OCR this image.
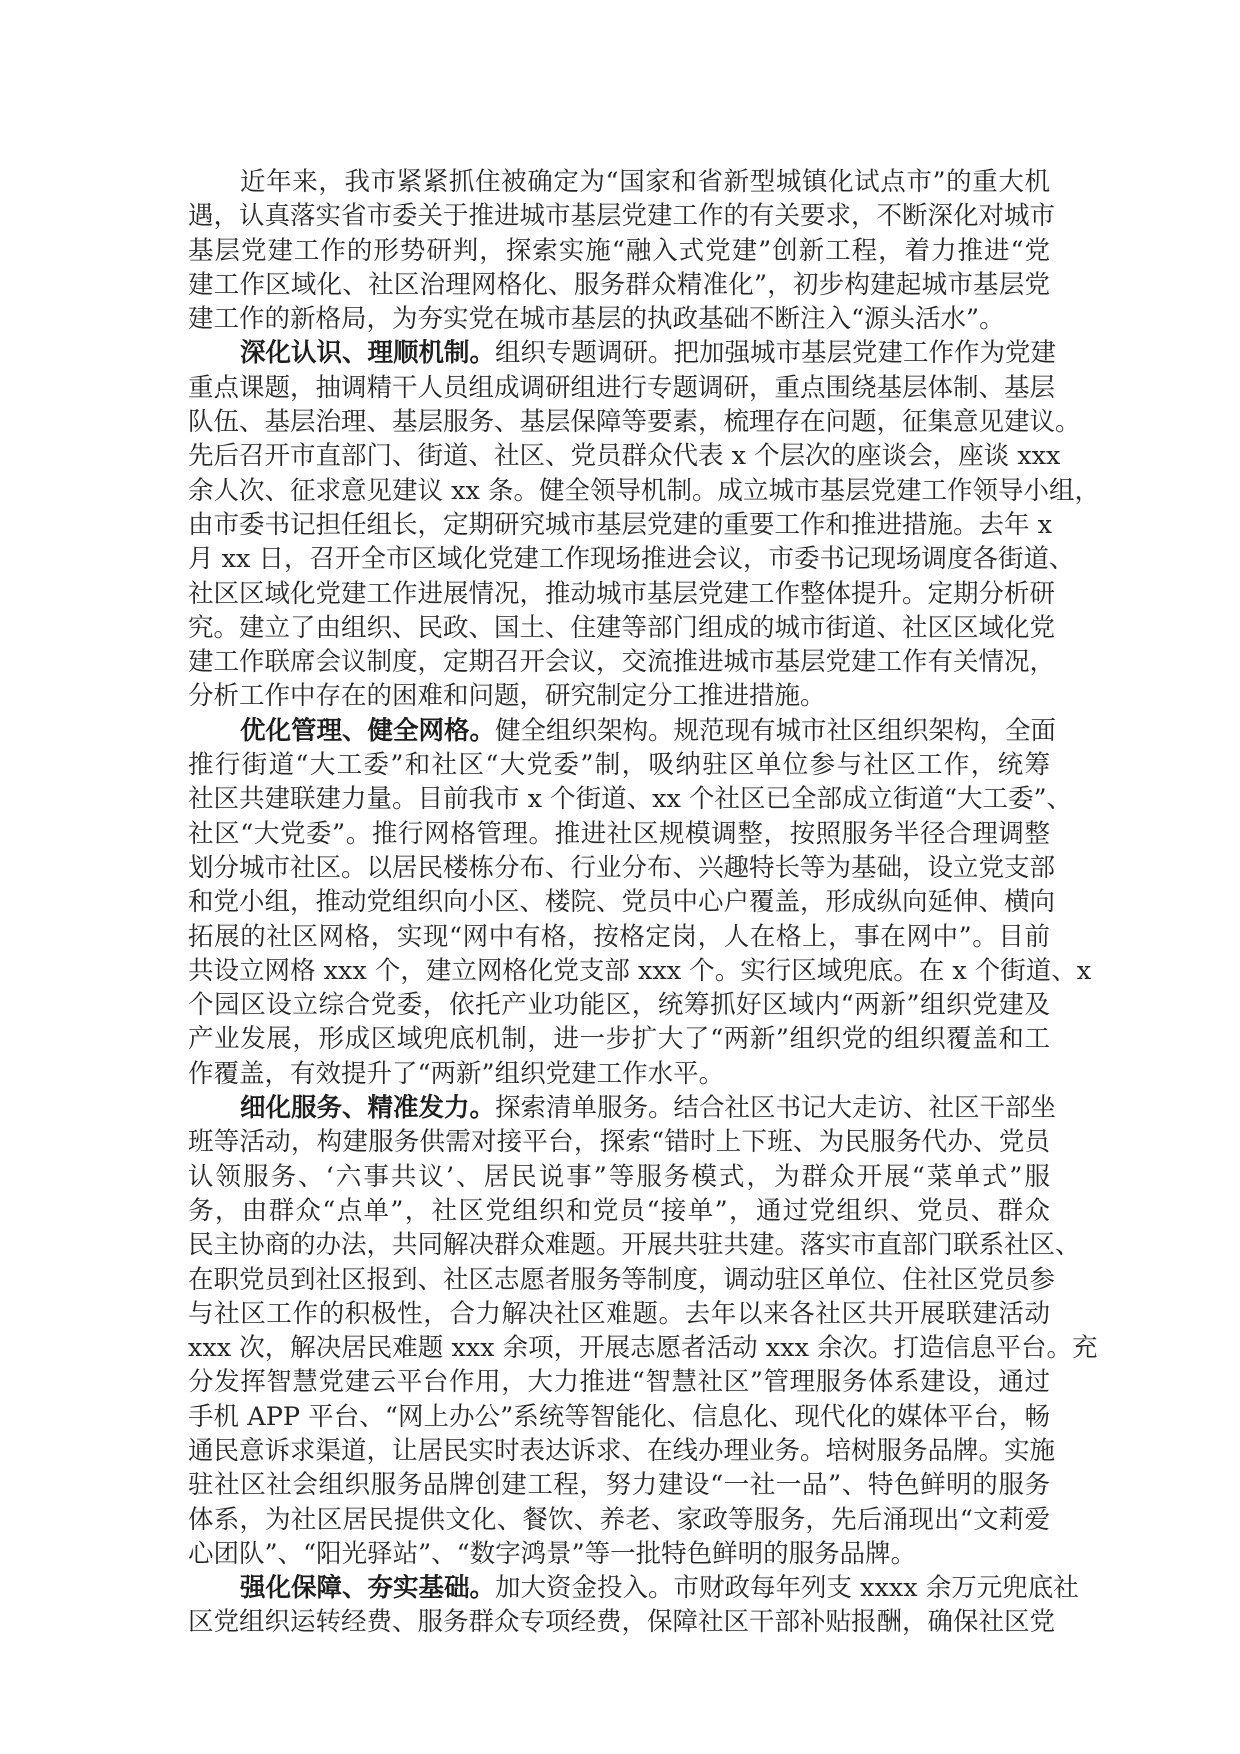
近年来，我市紧紧抓住被确定为“国家和省新型城镇化试点市”的重大机
遇，认真落实省市委关于推进城市基层党建工作的有关要求，不断深化对城市
基层党建工作的形势研判，探索实施“融入式党建”创新工程，着力推进“党
建工作区域化、社区治理网格化、服务群众精准化”，初步构建起城市基层党
建工作的新格局，为夯实党在城市基层的执政基础不断注入“源头活水”。
深化认识、理顺机制。组织专题调研。把加强城市基层党建工作作为党建
重点课题，抽调精干人员组成调研组进行专题调研，重点围绕基层体制、基层
队伍、基层治理、基层服务、基层保障等要素，梳理存在问题，征集意见建议。
先后召开市直部门、街道、社区、党员群众代表 x 个层次的座谈会，座谈 xxx
余人次、征求意见建议 xx 条。健全领导机制。成立城市基层党建工作领导小组，
由市委书记担任组长，定期研究城市基层党建的重要工作和推进措施。去年 x
月 xx 日，召开全市区域化党建工作现场推进会议，市委书记现场调度各街道、
社区区域化党建工作进展情况，推动城市基层党建工作整体提升。定期分析研
究。建立了由组织、民政、国土、住建等部门组成的城市街道、社区区域化党
建工作联席会议制度，定期召开会议，交流推进城市基层党建工作有关情况，
分析工作中存在的困难和问题，研究制定分工推进措施。
优化管理、健全网格。健全组织架构。规范现有城市社区组织架构，全面
推行街道“大工委”和社区“大党委”制，吸纳驻区单位参与社区工作，统筹
社区共建联建力量。目前我市 x 个街道、xx 个社区已全部成立街道“大工委”、
社区“大党委”。推行网格管理。推进社区规模调整，按照服务半径合理调整
划分城市社区。以居民楼栋分布、行业分布、兴趣特长等为基础，设立党支部
和党小组，推动党组织向小区、楼院、党员中心户覆盖，形成纵向延伸、横向
拓展的社区网格，实现“网中有格，按格定岗，人在格上，事在网中”。目前
共设立网格 xxx 个，建立网格化党支部 xxx 个。实行区域兜底。在 x 个街道、x
个园区设立综合党委，依托产业功能区，统筹抓好区域内“两新”组织党建及
产业发展，形成区域兜底机制，进一步扩大了“两新”组织党的组织覆盖和工
作覆盖，有效提升了“两新”组织党建工作水平。
细化服务、精准发力。探索清单服务。结合社区书记大走访、社区干部坐
班等活动，构建服务供需对接平台，探索“错时上下班、为民服务代办、党员
认领服务、‘六事共议’、居民说事”等服务模式，为群众开展“菜单式”服
务，由群众“点单”，社区党组织和党员“接单”，通过党组织、党员、群众
民主协商的办法，共同解决群众难题。开展共驻共建。落实市直部门联系社区、
在职党员到社区报到、社区志愿者服务等制度，调动驻区单位、住社区党员参
与社区工作的积极性，合力解决社区难题。去年以来各社区共开展联建活动
xxx 次，解决居民难题 xxx 余项，开展志愿者活动 xxx 余次。打造信息平台。充
分发挥智慧党建云平台作用，大力推进“智慧社区”管理服务体系建设，通过
手机 APP 平台、“网上办公”系统等智能化、信息化、现代化的媒体平台，畅
通民意诉求渠道，让居民实时表达诉求、在线办理业务。培树服务品牌。实施
驻社区社会组织服务品牌创建工程，努力建设“一社一品”、特色鲜明的服务
体系，为社区居民提供文化、餐饮、养老、家政等服务，先后涌现出“文莉爱
心团队”、“阳光驿站”、“数字鸿景”等一批特色鲜明的服务品牌。
强化保障、夯实基础。加大资金投入。市财政每年列支 xxxx 余万元兜底社
区党组织运转经费、服务群众专项经费，保障社区干部补贴报酬，确保社区党
